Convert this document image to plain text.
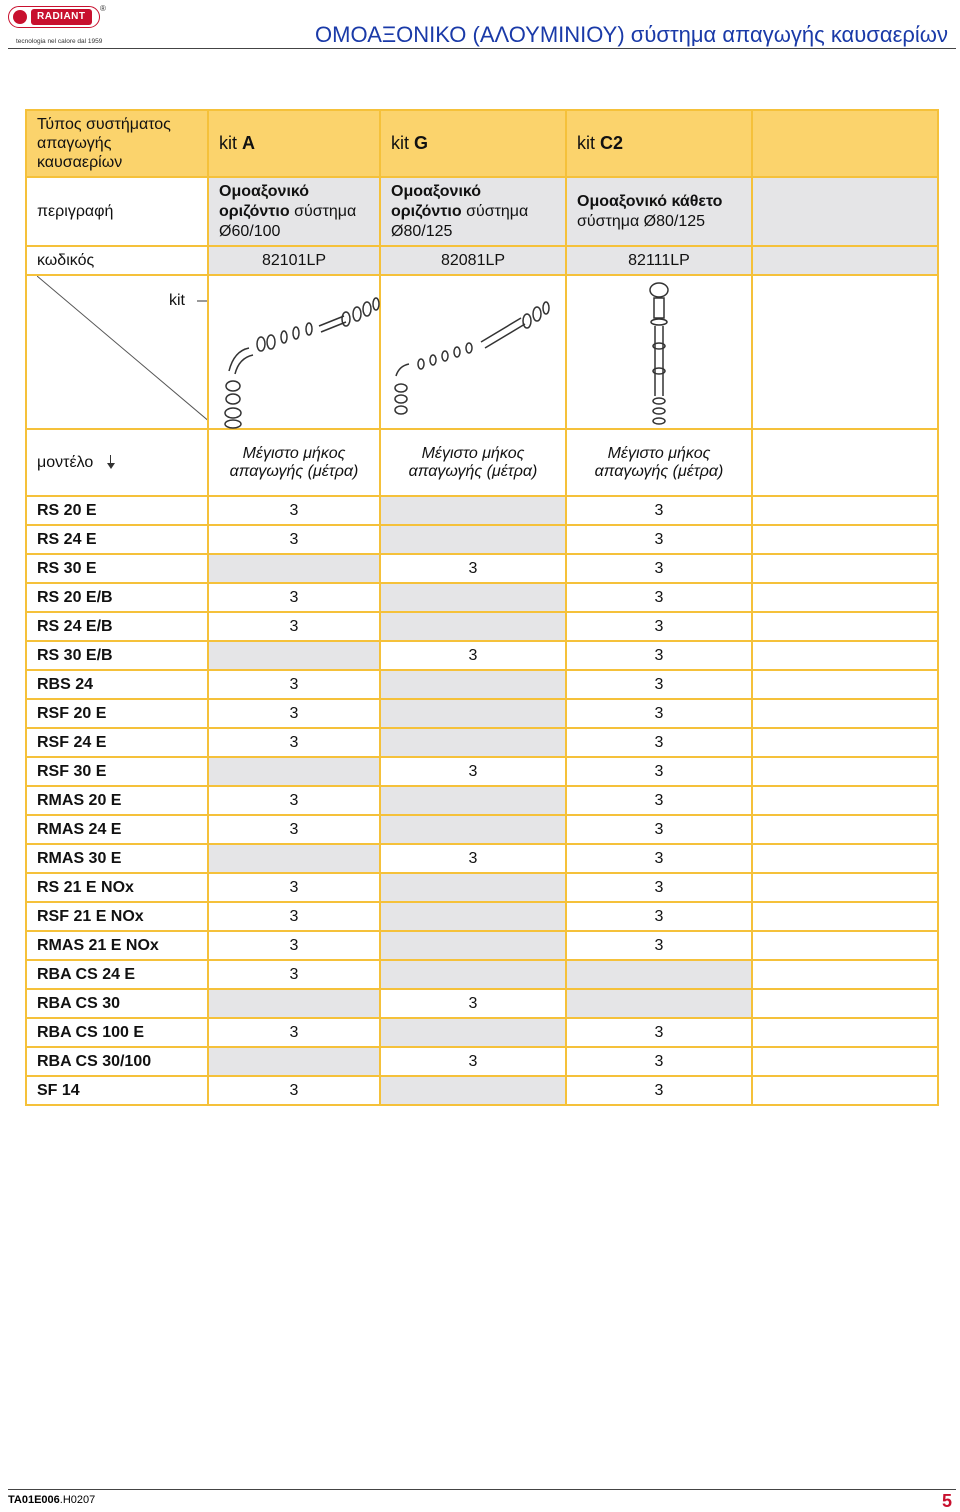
RADIANT
®
tecnologia nel calore dal 1959	ΟΜΟΑΞΟΝΙΚΟ (ΑΛΟΥΜΙΝΙΟΥ) σύστημα απαγωγής καυσαερίων
Τύπος συστήματος απαγωγής καυσαερίων	kit A	kit G	kit C2	
περιγραφή	Ομοαξονικό οριζόντιο σύστημα Ø60/100	Ομοαξονικό οριζόντιο σύστημα Ø80/125	Ομοαξονικό κάθετο σύστημα Ø80/125	
κωδικός	82101LP	82081LP	82111LP	

kit

μοντέλο	Μέγιστο μήκος απαγωγής (μέτρα)	Μέγιστο μήκος απαγωγής (μέτρα)	Μέγιστο μήκος απαγωγής (μέτρα)	
RS 20 E	3		3	
RS 24 E	3		3	
RS 30 E		3	3	
RS 20 E/B	3		3	
RS 24 E/B	3		3	
RS 30 E/B		3	3	
RBS 24	3		3	
RSF 20 E	3		3	
RSF 24 E	3		3	
RSF 30 E		3	3	
RMAS 20 E	3		3	
RMAS 24 E	3		3	
RMAS 30 E		3	3	
RS 21 E NOx	3		3	
RSF 21 E NOx	3		3	
RMAS 21 E NOx	3		3	
RBA CS 24 E	3			
RBA CS 30		3		
RBA CS 100 E	3		3	
RBA CS 30/100		3	3	
SF 14	3		3	
TA01E006.H0207	5
